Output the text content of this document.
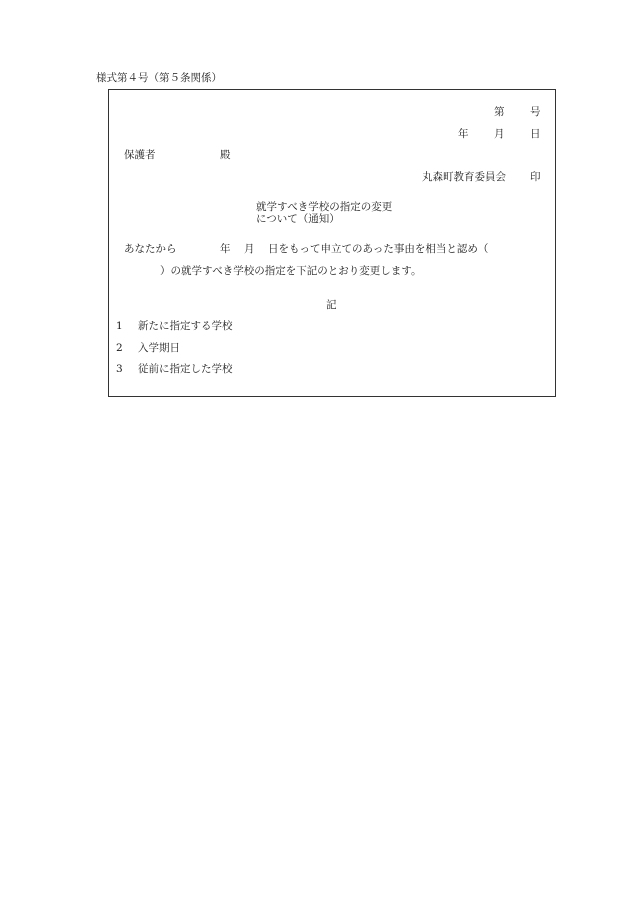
様式第４号（第５条関係）
第 号
年 月 日
保護者	殿
丸森町教育委員会 印
就学すべき学校の指定の変更
について（通知）
あなたから	年 月 日をもって申立てのあった事由を相当と認め（
）の就学すべき学校の指定を下記のとおり変更します。
記
1 新たに指定する学校
2 入学期日
3 従前に指定した学校
